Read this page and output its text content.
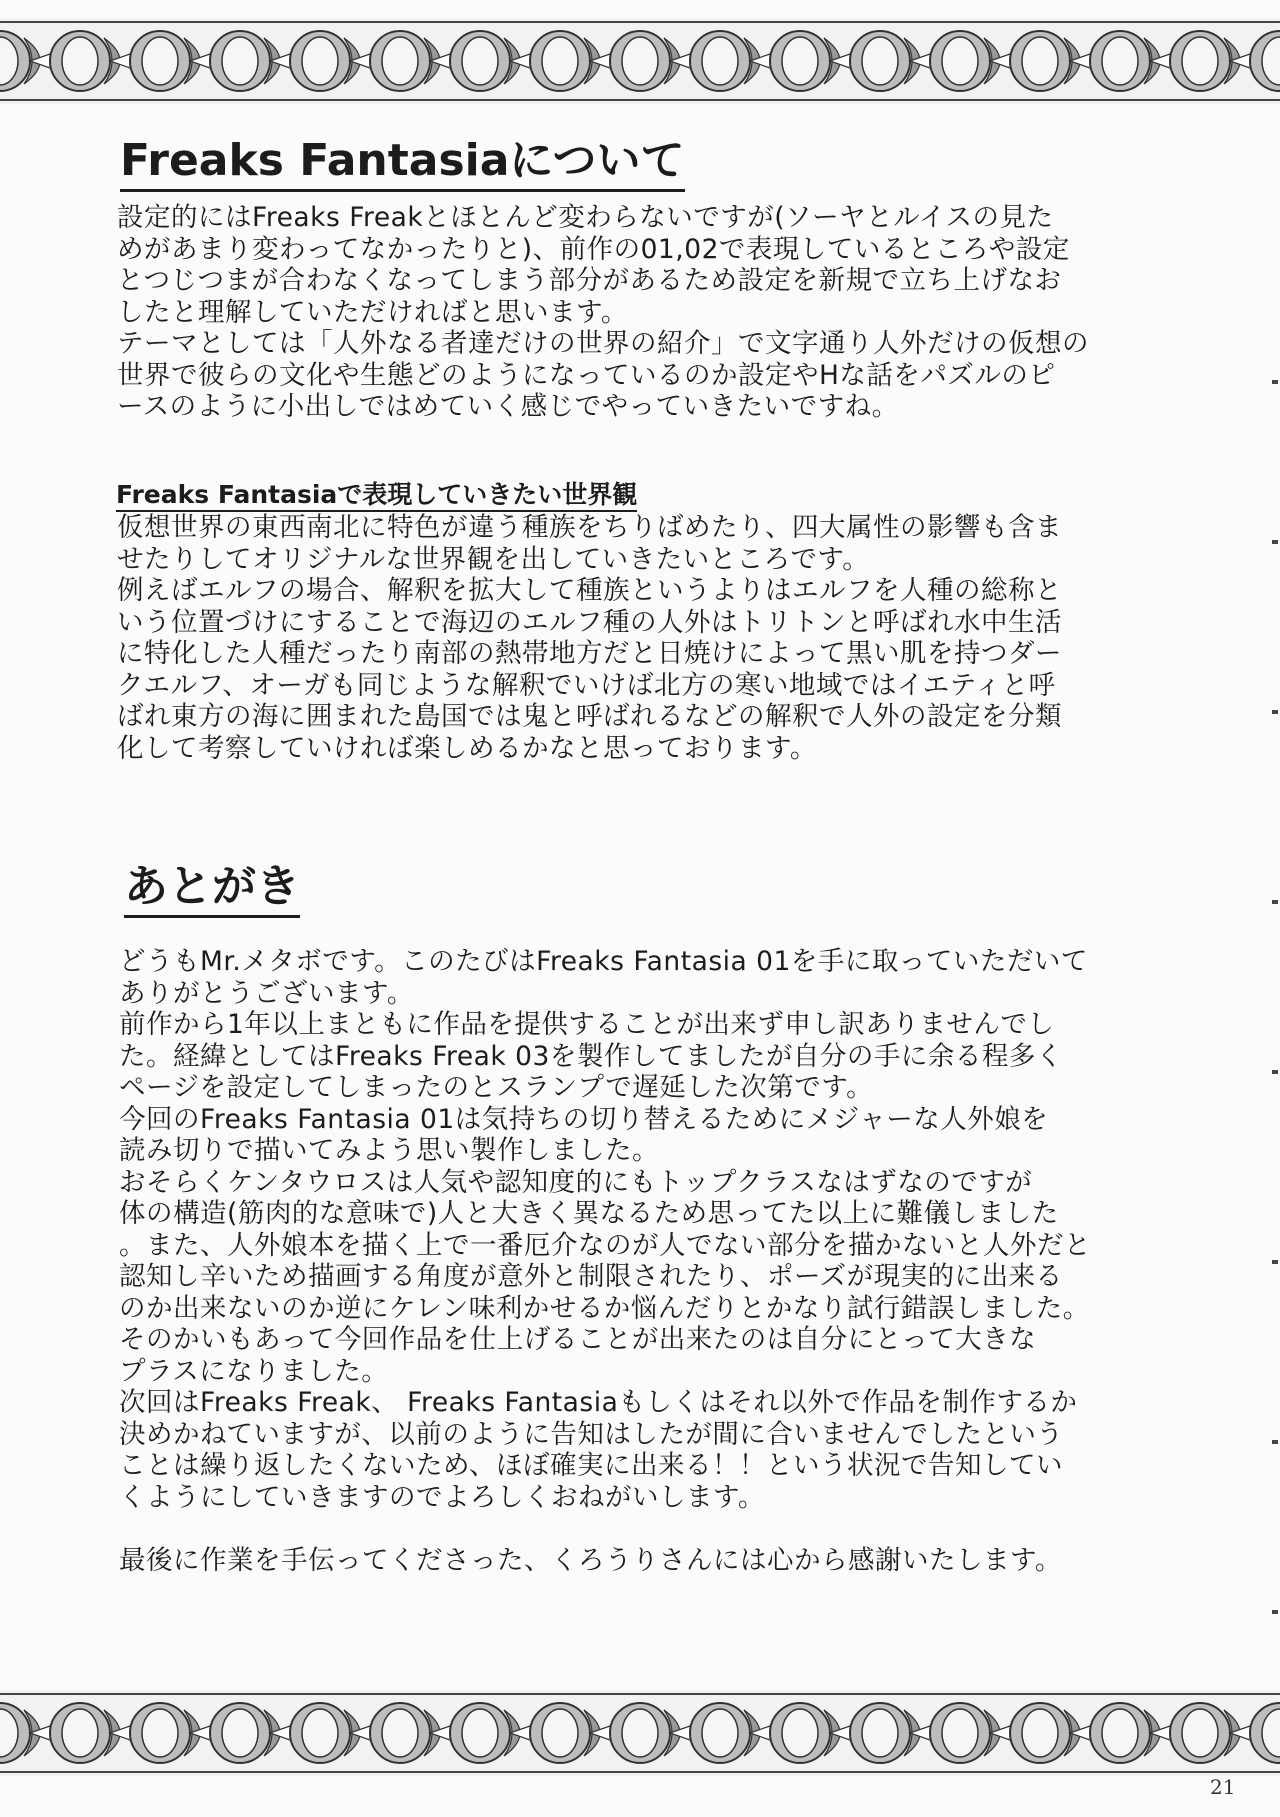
Freaks Fantasiaについて
設定的にはFreaks Freakとほとんど変わらないですが(ソーヤとルイスの見た
めがあまり変わってなかったりと)、前作の01,02で表現しているところや設定
とつじつまが合わなくなってしまう部分があるため設定を新規で立ち上げなお
したと理解していただければと思います。
テーマとしては「人外なる者達だけの世界の紹介」で文字通り人外だけの仮想の
世界で彼らの文化や生態どのようになっているのか設定やHな話をパズルのピ
ースのように小出しではめていく感じでやっていきたいですね。
Freaks Fantasiaで表現していきたい世界観
仮想世界の東西南北に特色が違う種族をちりばめたり、四大属性の影響も含ま
せたりしてオリジナルな世界観を出していきたいところです。
例えばエルフの場合、解釈を拡大して種族というよりはエルフを人種の総称と
いう位置づけにすることで海辺のエルフ種の人外はトリトンと呼ばれ水中生活
に特化した人種だったり南部の熱帯地方だと日焼けによって黒い肌を持つダー
クエルフ、オーガも同じような解釈でいけば北方の寒い地域ではイエティと呼
ばれ東方の海に囲まれた島国では鬼と呼ばれるなどの解釈で人外の設定を分類
化して考察していければ楽しめるかなと思っております。
あとがき
どうもMr.メタボです。このたびはFreaks Fantasia 01を手に取っていただいて
ありがとうございます。
前作から1年以上まともに作品を提供することが出来ず申し訳ありませんでし
た。経緯としてはFreaks Freak 03を製作してましたが自分の手に余る程多く
ページを設定してしまったのとスランプで遅延した次第です。
今回のFreaks Fantasia 01は気持ちの切り替えるためにメジャーな人外娘を
読み切りで描いてみよう思い製作しました。
おそらくケンタウロスは人気や認知度的にもトップクラスなはずなのですが
体の構造(筋肉的な意味で)人と大きく異なるため思ってた以上に難儀しました
。また、人外娘本を描く上で一番厄介なのが人でない部分を描かないと人外だと
認知し辛いため描画する角度が意外と制限されたり、ポーズが現実的に出来る
のか出来ないのか逆にケレン味利かせるか悩んだりとかなり試行錯誤しました。
そのかいもあって今回作品を仕上げることが出来たのは自分にとって大きな
プラスになりました。
次回はFreaks Freak、 Freaks Fantasiaもしくはそれ以外で作品を制作するか
決めかねていますが、以前のように告知はしたが間に合いませんでしたという
ことは繰り返したくないため、ほぼ確実に出来る！！という状況で告知してい
くようにしていきますのでよろしくおねがいします。
最後に作業を手伝ってくださった、くろうりさんには心から感謝いたします。
21
